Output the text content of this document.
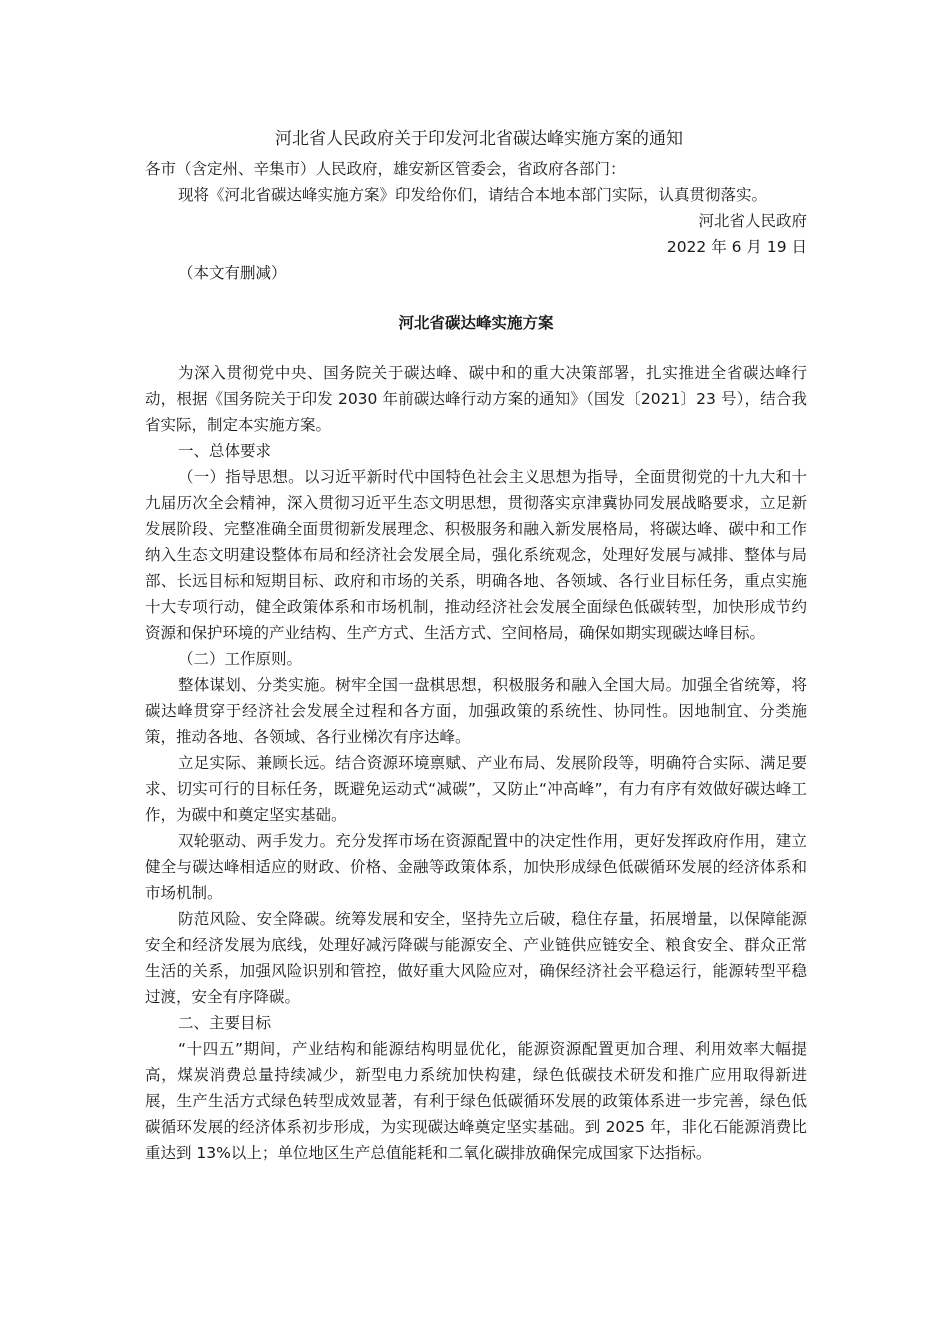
河北省人民政府关于印发河北省碳达峰实施方案的通知

各市（含定州、辛集市）人民政府，雄安新区管委会，省政府各部门：

现将《河北省碳达峰实施方案》印发给你们，请结合本地本部门实际，认真贯彻落实。

河北省人民政府

2022 年 6 月 19 日

（本文有删减）

河北省碳达峰实施方案

为深入贯彻党中央、国务院关于碳达峰、碳中和的重大决策部署，扎实推进全省碳达峰行动，根据《国务院关于印发 2030 年前碳达峰行动方案的通知》（国发〔2021〕23 号），结合我省实际，制定本实施方案。

一、总体要求

（一）指导思想。以习近平新时代中国特色社会主义思想为指导，全面贯彻党的十九大和十九届历次全会精神，深入贯彻习近平生态文明思想，贯彻落实京津冀协同发展战略要求，立足新发展阶段、完整准确全面贯彻新发展理念、积极服务和融入新发展格局，将碳达峰、碳中和工作纳入生态文明建设整体布局和经济社会发展全局，强化系统观念，处理好发展与减排、整体与局部、长远目标和短期目标、政府和市场的关系，明确各地、各领域、各行业目标任务，重点实施十大专项行动，健全政策体系和市场机制，推动经济社会发展全面绿色低碳转型，加快形成节约资源和保护环境的产业结构、生产方式、生活方式、空间格局，确保如期实现碳达峰目标。

（二）工作原则。

整体谋划、分类实施。树牢全国一盘棋思想，积极服务和融入全国大局。加强全省统筹，将碳达峰贯穿于经济社会发展全过程和各方面，加强政策的系统性、协同性。因地制宜、分类施策，推动各地、各领域、各行业梯次有序达峰。

立足实际、兼顾长远。结合资源环境禀赋、产业布局、发展阶段等，明确符合实际、满足要求、切实可行的目标任务，既避免运动式“减碳”，又防止“冲高峰”，有力有序有效做好碳达峰工作，为碳中和奠定坚实基础。

双轮驱动、两手发力。充分发挥市场在资源配置中的决定性作用，更好发挥政府作用，建立健全与碳达峰相适应的财政、价格、金融等政策体系，加快形成绿色低碳循环发展的经济体系和市场机制。

防范风险、安全降碳。统筹发展和安全，坚持先立后破，稳住存量，拓展增量，以保障能源安全和经济发展为底线，处理好减污降碳与能源安全、产业链供应链安全、粮食安全、群众正常生活的关系，加强风险识别和管控，做好重大风险应对，确保经济社会平稳运行，能源转型平稳过渡，安全有序降碳。

二、主要目标

“十四五”期间，产业结构和能源结构明显优化，能源资源配置更加合理、利用效率大幅提高，煤炭消费总量持续减少，新型电力系统加快构建，绿色低碳技术研发和推广应用取得新进展，生产生活方式绿色转型成效显著，有利于绿色低碳循环发展的政策体系进一步完善，绿色低碳循环发展的经济体系初步形成，为实现碳达峰奠定坚实基础。到 2025 年，非化石能源消费比重达到 13%以上；单位地区生产总值能耗和二氧化碳排放确保完成国家下达指标。
